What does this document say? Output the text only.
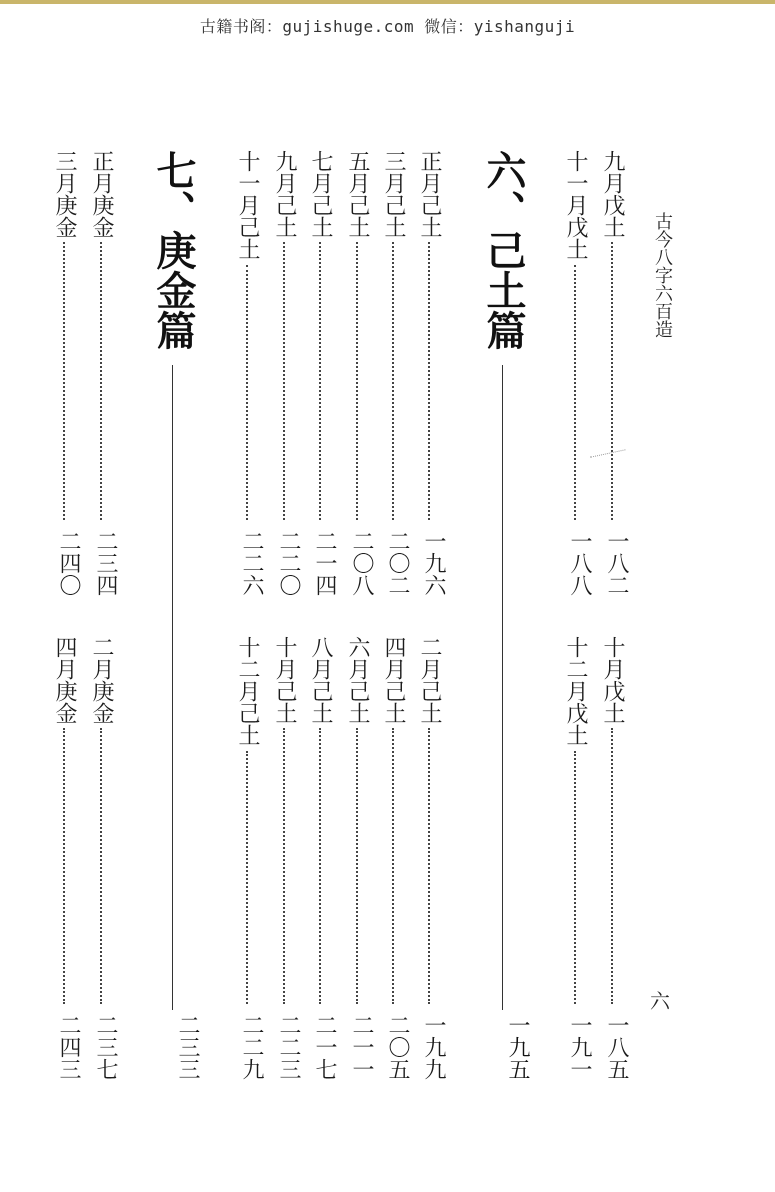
古籍书阁：gujishuge.com 微信：yishanguji
古今八字六百造
六
九月戊土
一八二
十一月戊土
一八八
正月己土
一九六
三月己土
二〇二
五月己土
二〇八
七月己土
二一四
九月己土
二二〇
十一月己土
二二六
正月庚金
二三四
三月庚金
二四〇
十月戊土
一八五
十二月戊土
一九一
二月己土
一九九
四月己土
二〇五
六月己土
二一一
八月己土
二一七
十月己土
二二三
十二月己土
二二九
二月庚金
二三七
四月庚金
二四三
六、己土篇
一九五
七、庚金篇
二三三
